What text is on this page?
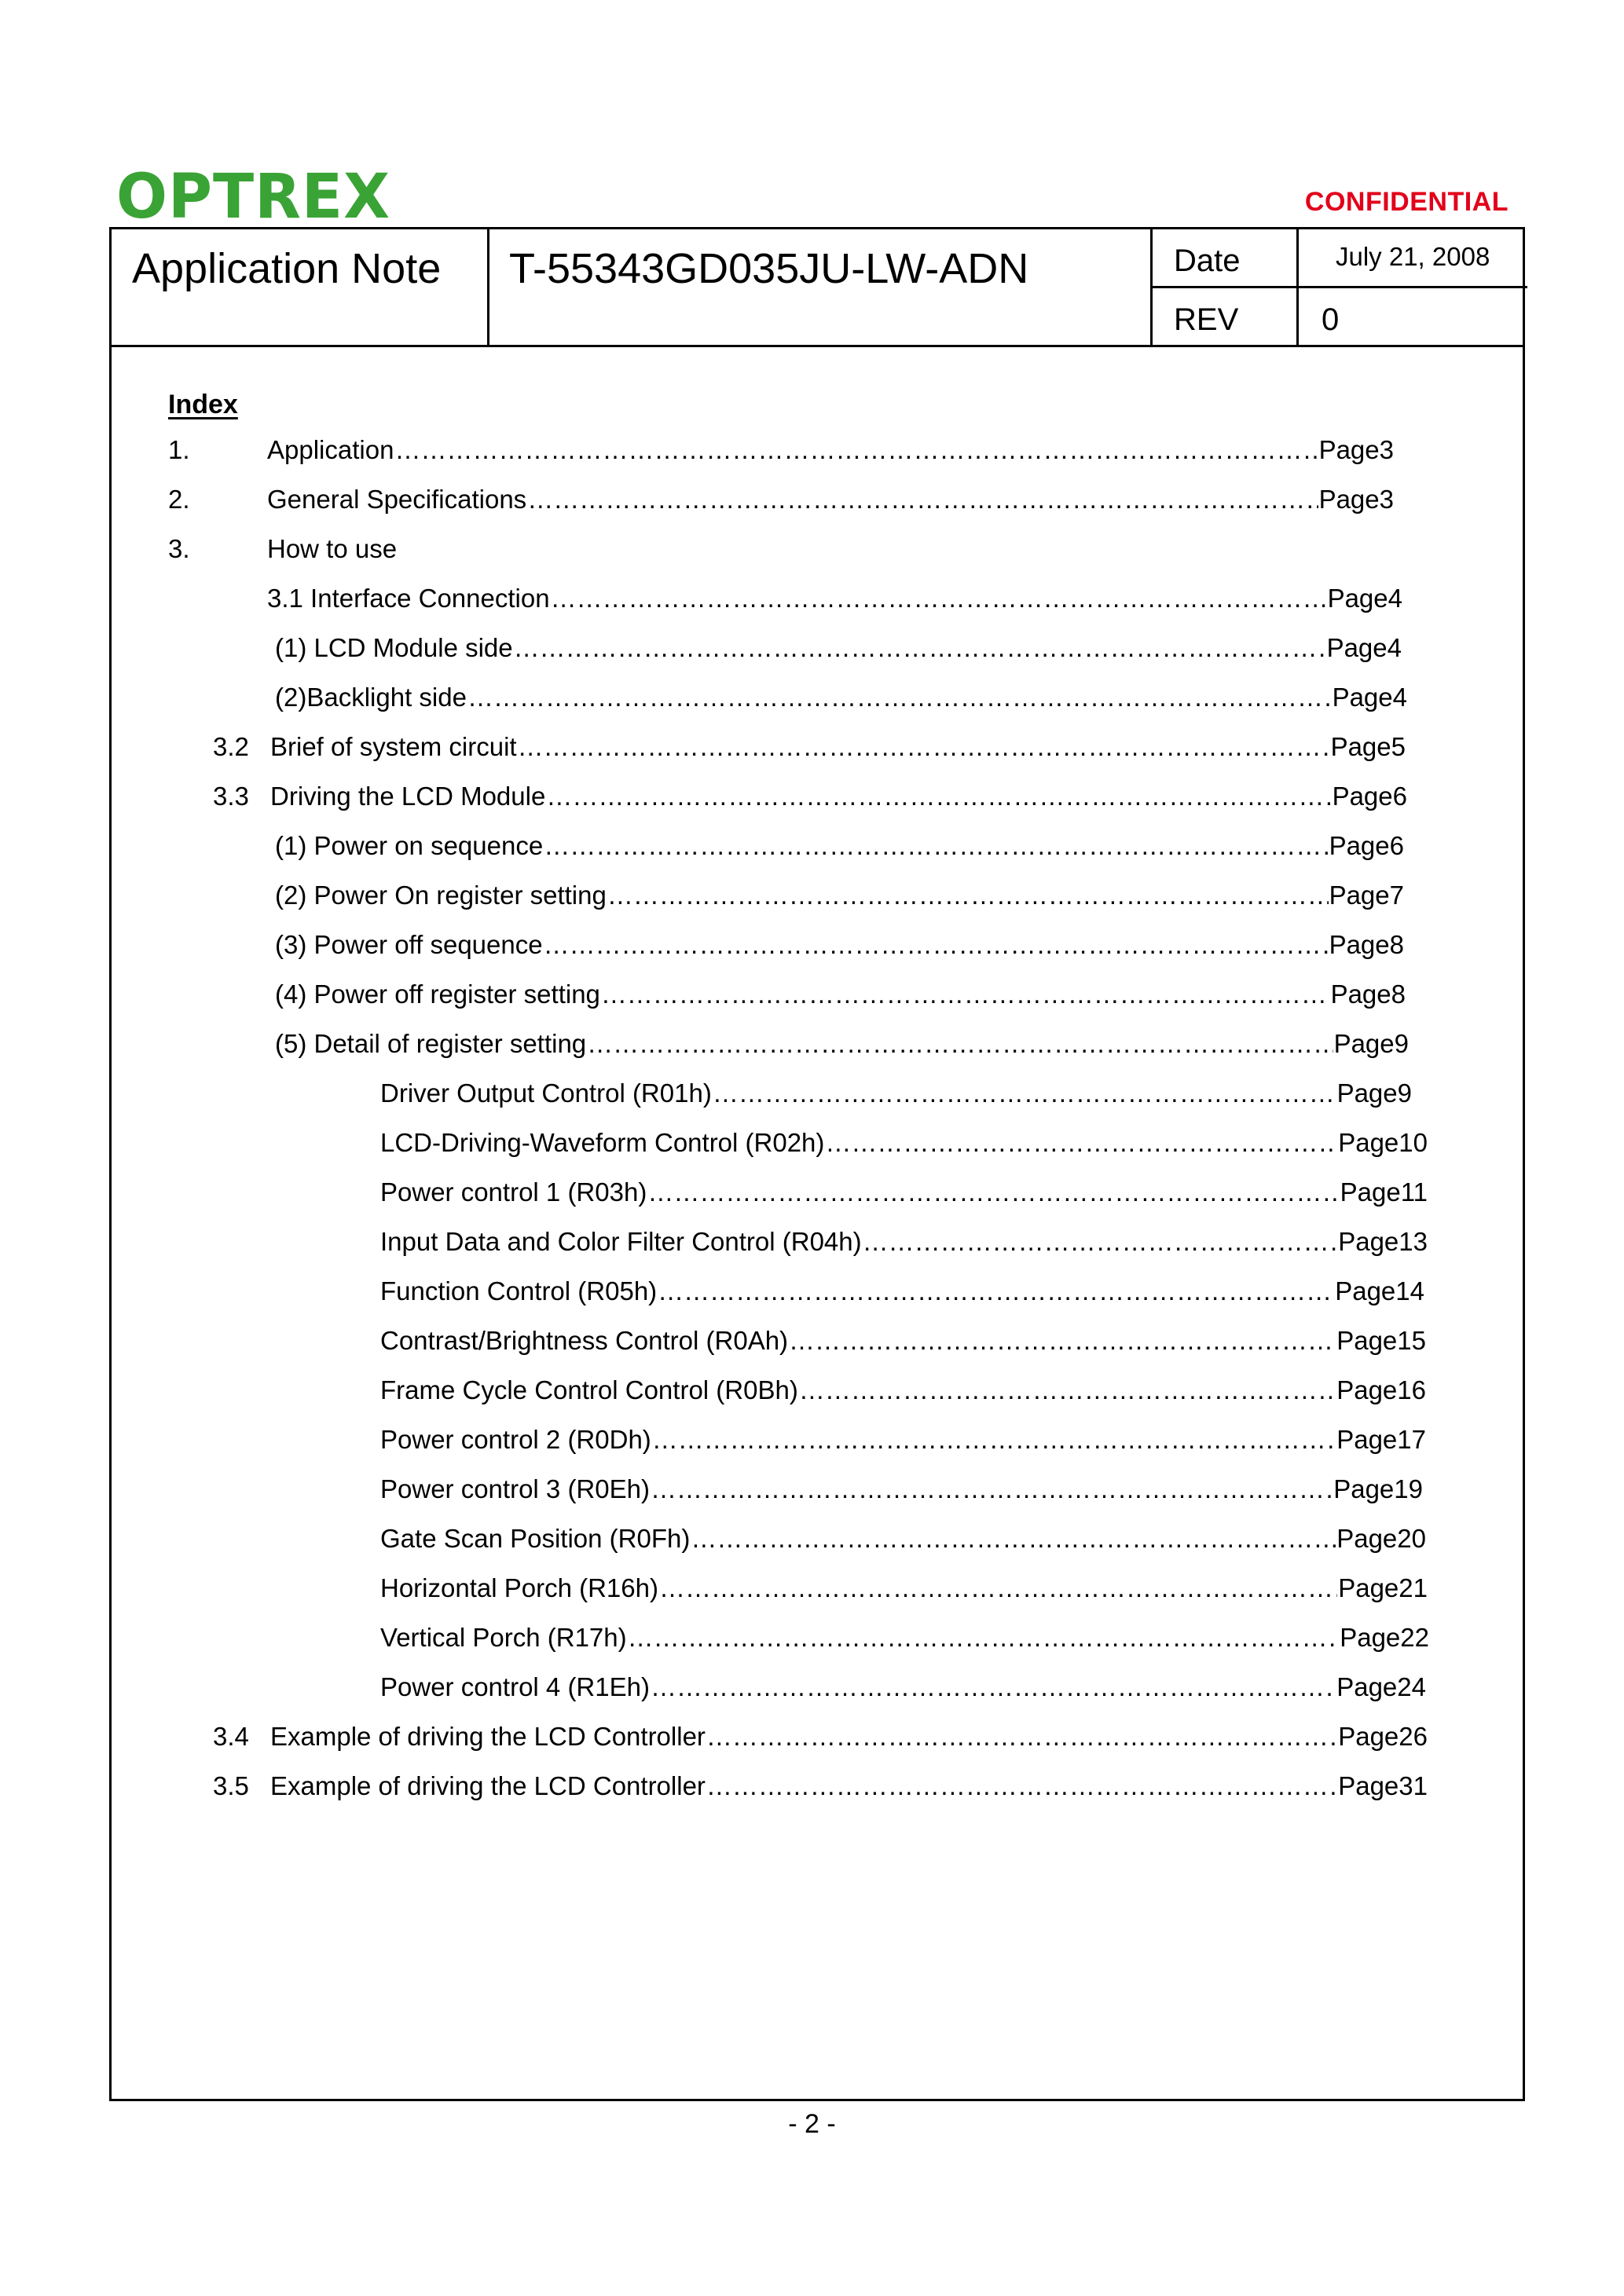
OPTREX	CONFIDENTIAL
Application Note T-55343GD035JU-LW-ADN	Date	July 21, 2008
REV	0
Index
1.	Application ……………………………………………………………………………………………………………………………………………………………………………………………	Page3
2.	General Specifications ……………………………………………………………………………………………………………………………………………………………………………………………	Page3
3.	How to use
3.1 Interface Connection ……………………………………………………………………………………………………………………………………………………………………………………………	Page4
(1) LCD Module side ……………………………………………………………………………………………………………………………………………………………………………………………	Page4
(2)Backlight side ……………………………………………………………………………………………………………………………………………………………………………………………	Page4
3.2 Brief of system circuit ……………………………………………………………………………………………………………………………………………………………………………………………	Page5
3.3 Driving the LCD Module ……………………………………………………………………………………………………………………………………………………………………………………………	Page6
(1) Power on sequence ……………………………………………………………………………………………………………………………………………………………………………………………	Page6
(2) Power On register setting ……………………………………………………………………………………………………………………………………………………………………………………………	Page7
(3) Power off sequence ……………………………………………………………………………………………………………………………………………………………………………………………	Page8
(4) Power off register setting ……………………………………………………………………………………………………………………………………………………………………………………………	Page8
(5) Detail of register setting ……………………………………………………………………………………………………………………………………………………………………………………………	Page9
Driver Output Control (R01h) ……………………………………………………………………………………………………………………………………………………………………………………………	Page9
LCD-Driving-Waveform Control (R02h) ……………………………………………………………………………………………………………………………………………………………………………………………	Page10
Power control 1 (R03h) ……………………………………………………………………………………………………………………………………………………………………………………………	Page11
Input Data and Color Filter Control (R04h) ……………………………………………………………………………………………………………………………………………………………………………………………	Page13
Function Control (R05h) ……………………………………………………………………………………………………………………………………………………………………………………………	Page14
Contrast/Brightness Control (R0Ah) ……………………………………………………………………………………………………………………………………………………………………………………………	Page15
Frame Cycle Control Control (R0Bh) ……………………………………………………………………………………………………………………………………………………………………………………………	Page16
Power control 2 (R0Dh) ……………………………………………………………………………………………………………………………………………………………………………………………	Page17
Power control 3 (R0Eh) ……………………………………………………………………………………………………………………………………………………………………………………………	Page19
Gate Scan Position (R0Fh) ……………………………………………………………………………………………………………………………………………………………………………………………	Page20
Horizontal Porch (R16h) ……………………………………………………………………………………………………………………………………………………………………………………………	Page21
Vertical Porch (R17h) ……………………………………………………………………………………………………………………………………………………………………………………………	Page22
Power control 4 (R1Eh) ……………………………………………………………………………………………………………………………………………………………………………………………	Page24
3.4 Example of driving the LCD Controller ……………………………………………………………………………………………………………………………………………………………………………………………	Page26
3.5 Example of driving the LCD Controller ……………………………………………………………………………………………………………………………………………………………………………………………	Page31
- 2 -
